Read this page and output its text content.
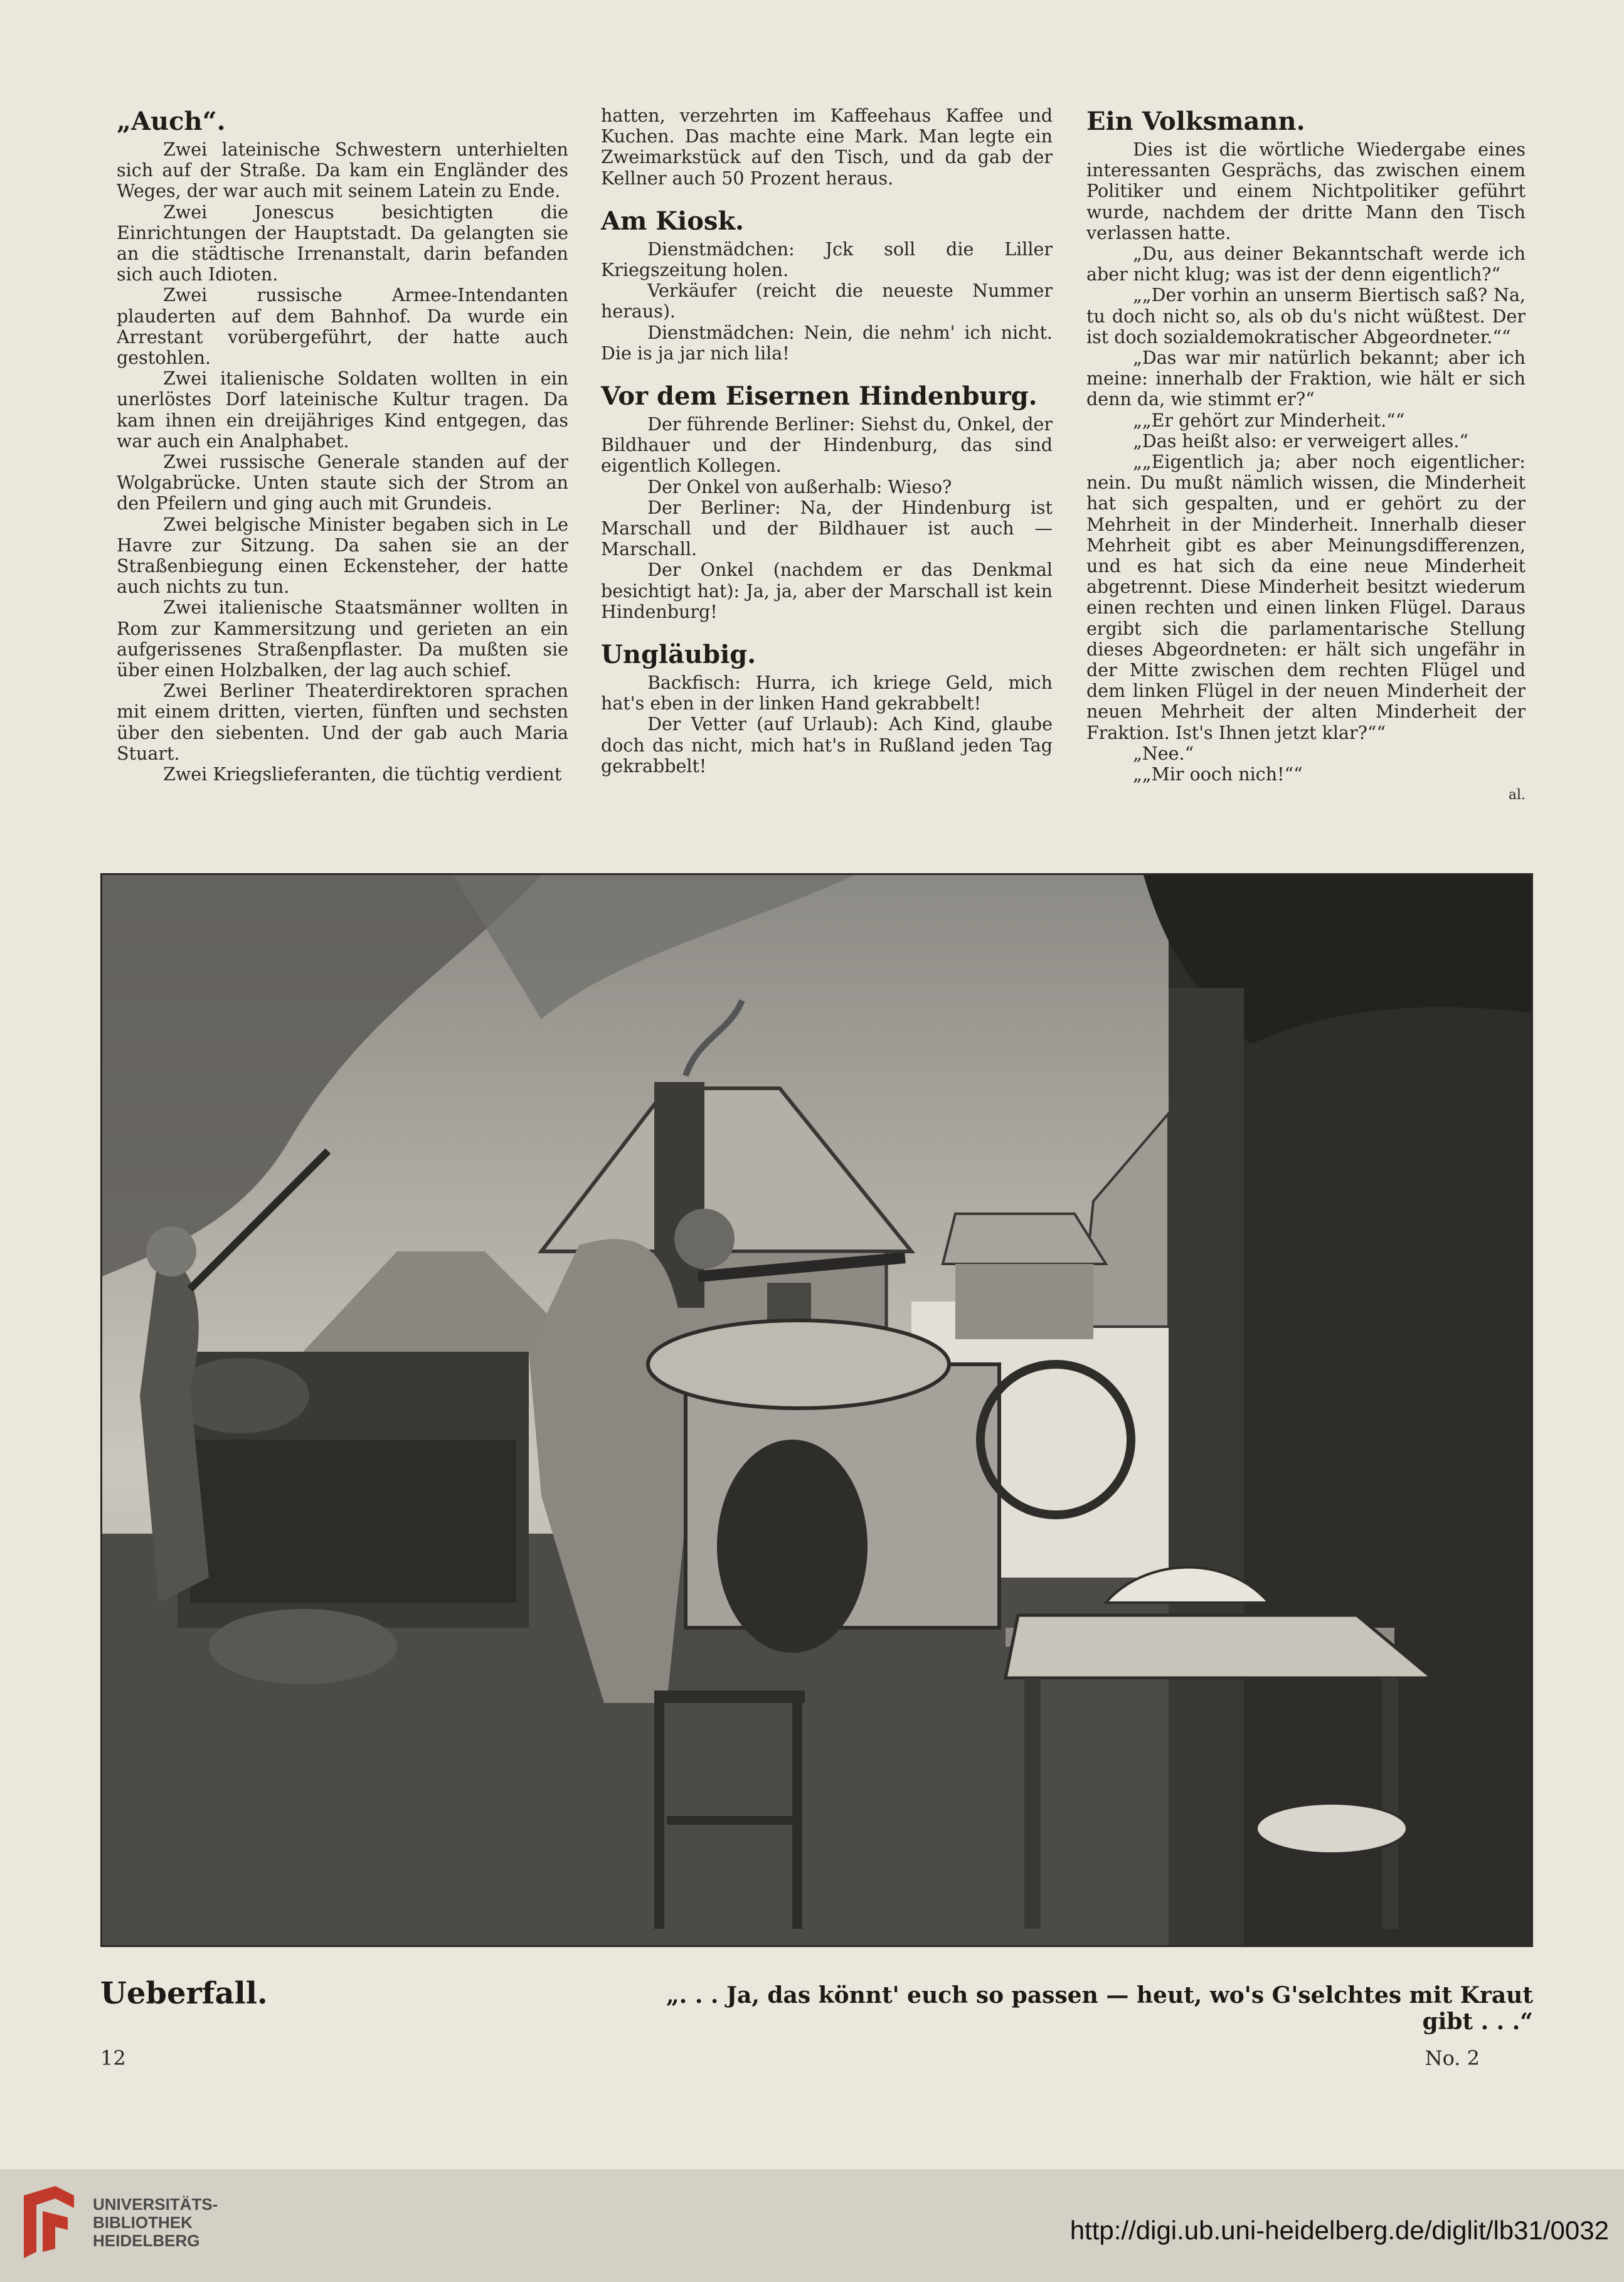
„Auch“.

Zwei lateinische Schwestern unterhielten sich auf der Straße. Da kam ein Engländer des Weges, der war auch mit seinem Latein zu Ende.

Zwei Jonescus besichtigten die Einrichtungen der Hauptstadt. Da gelangten sie an die städtische Irrenanstalt, darin befanden sich auch Idioten.

Zwei russische Armee-Intendanten plauderten auf dem Bahnhof. Da wurde ein Arrestant vorübergeführt, der hatte auch gestohlen.

Zwei italienische Soldaten wollten in ein unerlöstes Dorf lateinische Kultur tragen. Da kam ihnen ein dreijähriges Kind entgegen, das war auch ein Analphabet.

Zwei russische Generale standen auf der Wolgabrücke. Unten staute sich der Strom an den Pfeilern und ging auch mit Grundeis.

Zwei belgische Minister begaben sich in Le Havre zur Sitzung. Da sahen sie an der Straßenbiegung einen Eckensteher, der hatte auch nichts zu tun.

Zwei italienische Staatsmänner wollten in Rom zur Kammersitzung und gerieten an ein aufgerissenes Straßenpflaster. Da mußten sie über einen Holzbalken, der lag auch schief.

Zwei Berliner Theaterdirektoren sprachen mit einem dritten, vierten, fünften und sechsten über den siebenten. Und der gab auch Maria Stuart.

Zwei Kriegslieferanten, die tüchtig verdient

hatten, verzehrten im Kaffeehaus Kaffee und Kuchen. Das machte eine Mark. Man legte ein Zweimarkstück auf den Tisch, und da gab der Kellner auch 50 Prozent heraus.

Am Kiosk.

Dienstmädchen: Jck soll die Liller Kriegszeitung holen.

Verkäufer (reicht die neueste Nummer heraus).

Dienstmädchen: Nein, die nehm' ich nicht. Die is ja jar nich lila!

Vor dem Eisernen Hindenburg.

Der führende Berliner: Siehst du, Onkel, der Bildhauer und der Hindenburg, das sind eigentlich Kollegen.

Der Onkel von außerhalb: Wieso?

Der Berliner: Na, der Hindenburg ist Marschall und der Bildhauer ist auch — Marschall.

Der Onkel (nachdem er das Denkmal besichtigt hat): Ja, ja, aber der Marschall ist kein Hindenburg!

Ungläubig.

Backfisch: Hurra, ich kriege Geld, mich hat's eben in der linken Hand gekrabbelt!

Der Vetter (auf Urlaub): Ach Kind, glaube doch das nicht, mich hat's in Rußland jeden Tag gekrabbelt!

Ein Volksmann.

Dies ist die wörtliche Wiedergabe eines interessanten Gesprächs, das zwischen einem Politiker und einem Nichtpolitiker geführt wurde, nachdem der dritte Mann den Tisch verlassen hatte.

„Du, aus deiner Bekanntschaft werde ich aber nicht klug; was ist der denn eigentlich?“

„„Der vorhin an unserm Biertisch saß? Na, tu doch nicht so, als ob du's nicht wüßtest. Der ist doch sozialdemokratischer Abgeordneter.““

„Das war mir natürlich bekannt; aber ich meine: innerhalb der Fraktion, wie hält er sich denn da, wie stimmt er?“

„„Er gehört zur Minderheit.““

„Das heißt also: er verweigert alles.“

„„Eigentlich ja; aber noch eigentlicher: nein. Du mußt nämlich wissen, die Minderheit hat sich gespalten, und er gehört zu der Mehrheit in der Minderheit. Innerhalb dieser Mehrheit gibt es aber Meinungsdifferenzen, und es hat sich da eine neue Minderheit abgetrennt. Diese Minderheit besitzt wiederum einen rechten und einen linken Flügel. Daraus ergibt sich die parlamentarische Stellung dieses Abgeordneten: er hält sich ungefähr in der Mitte zwischen dem rechten Flügel und dem linken Flügel in der neuen Minderheit der neuen Mehrheit der alten Minderheit der Fraktion. Ist's Ihnen jetzt klar?““

„Nee.“

„„Mir ooch nich!““

al.
Ueberfall.	„. . . Ja, das könnt' euch so passen — heut, wo's G'selchtes mit Kraut gibt . . .“
12	No. 2
UNIVERSITÄTS-
BIBLIOTHEK
HEIDELBERG	http://digi.ub.uni-heidelberg.de/diglit/lb31/0032
